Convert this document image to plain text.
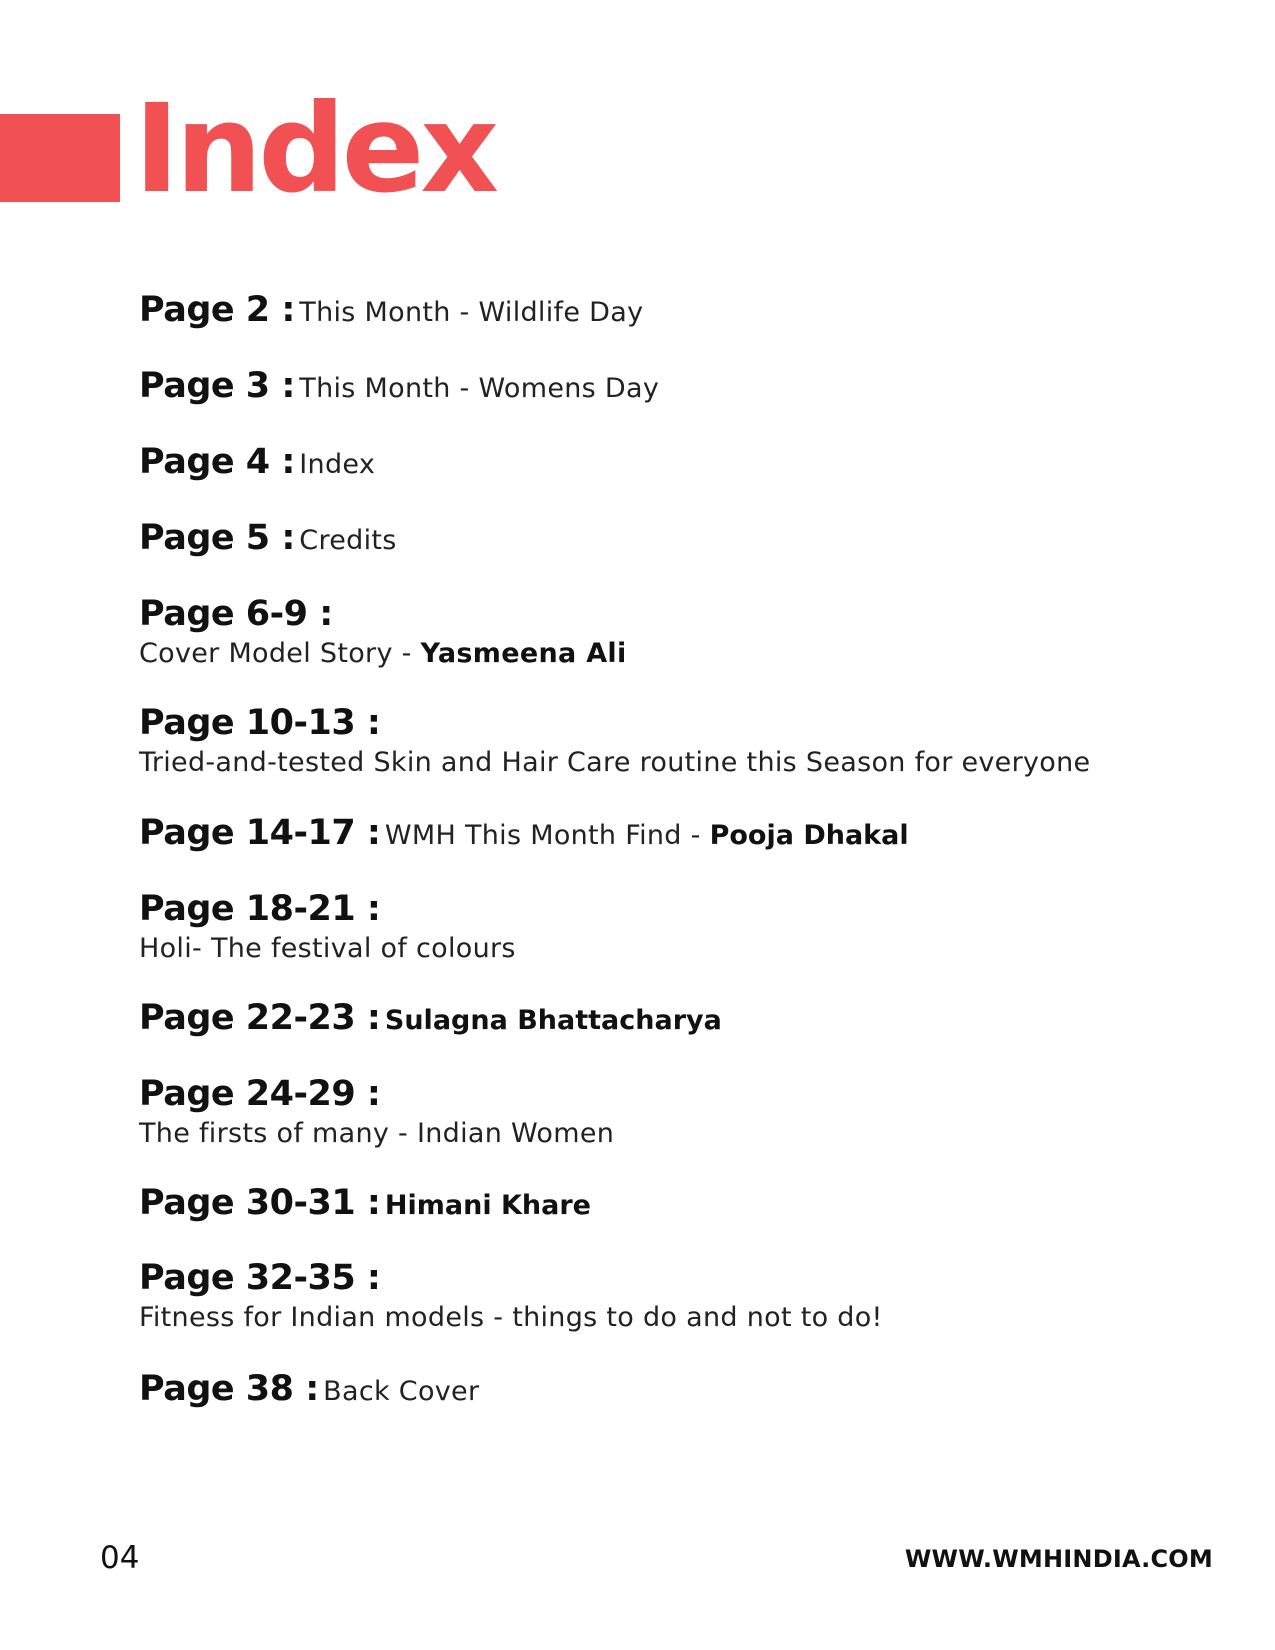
Index
Page 2 : This Month - Wildlife Day
Page 3 : This Month - Womens Day
Page 4 : Index
Page 5 : Credits
Page 6-9 :
Cover Model Story - Yasmeena Ali
Page 10-13 :
Tried-and-tested Skin and Hair Care routine this Season for everyone
Page 14-17 : WMH This Month Find - Pooja Dhakal
Page 18-21 :
Holi- The festival of colours
Page 22-23 : Sulagna Bhattacharya
Page 24-29 :
The firsts of many - Indian Women
Page 30-31 : Himani Khare
Page 32-35 :
Fitness for Indian models - things to do and not to do!
Page 38 : Back Cover
04	WWW.WMHINDIA.COM
